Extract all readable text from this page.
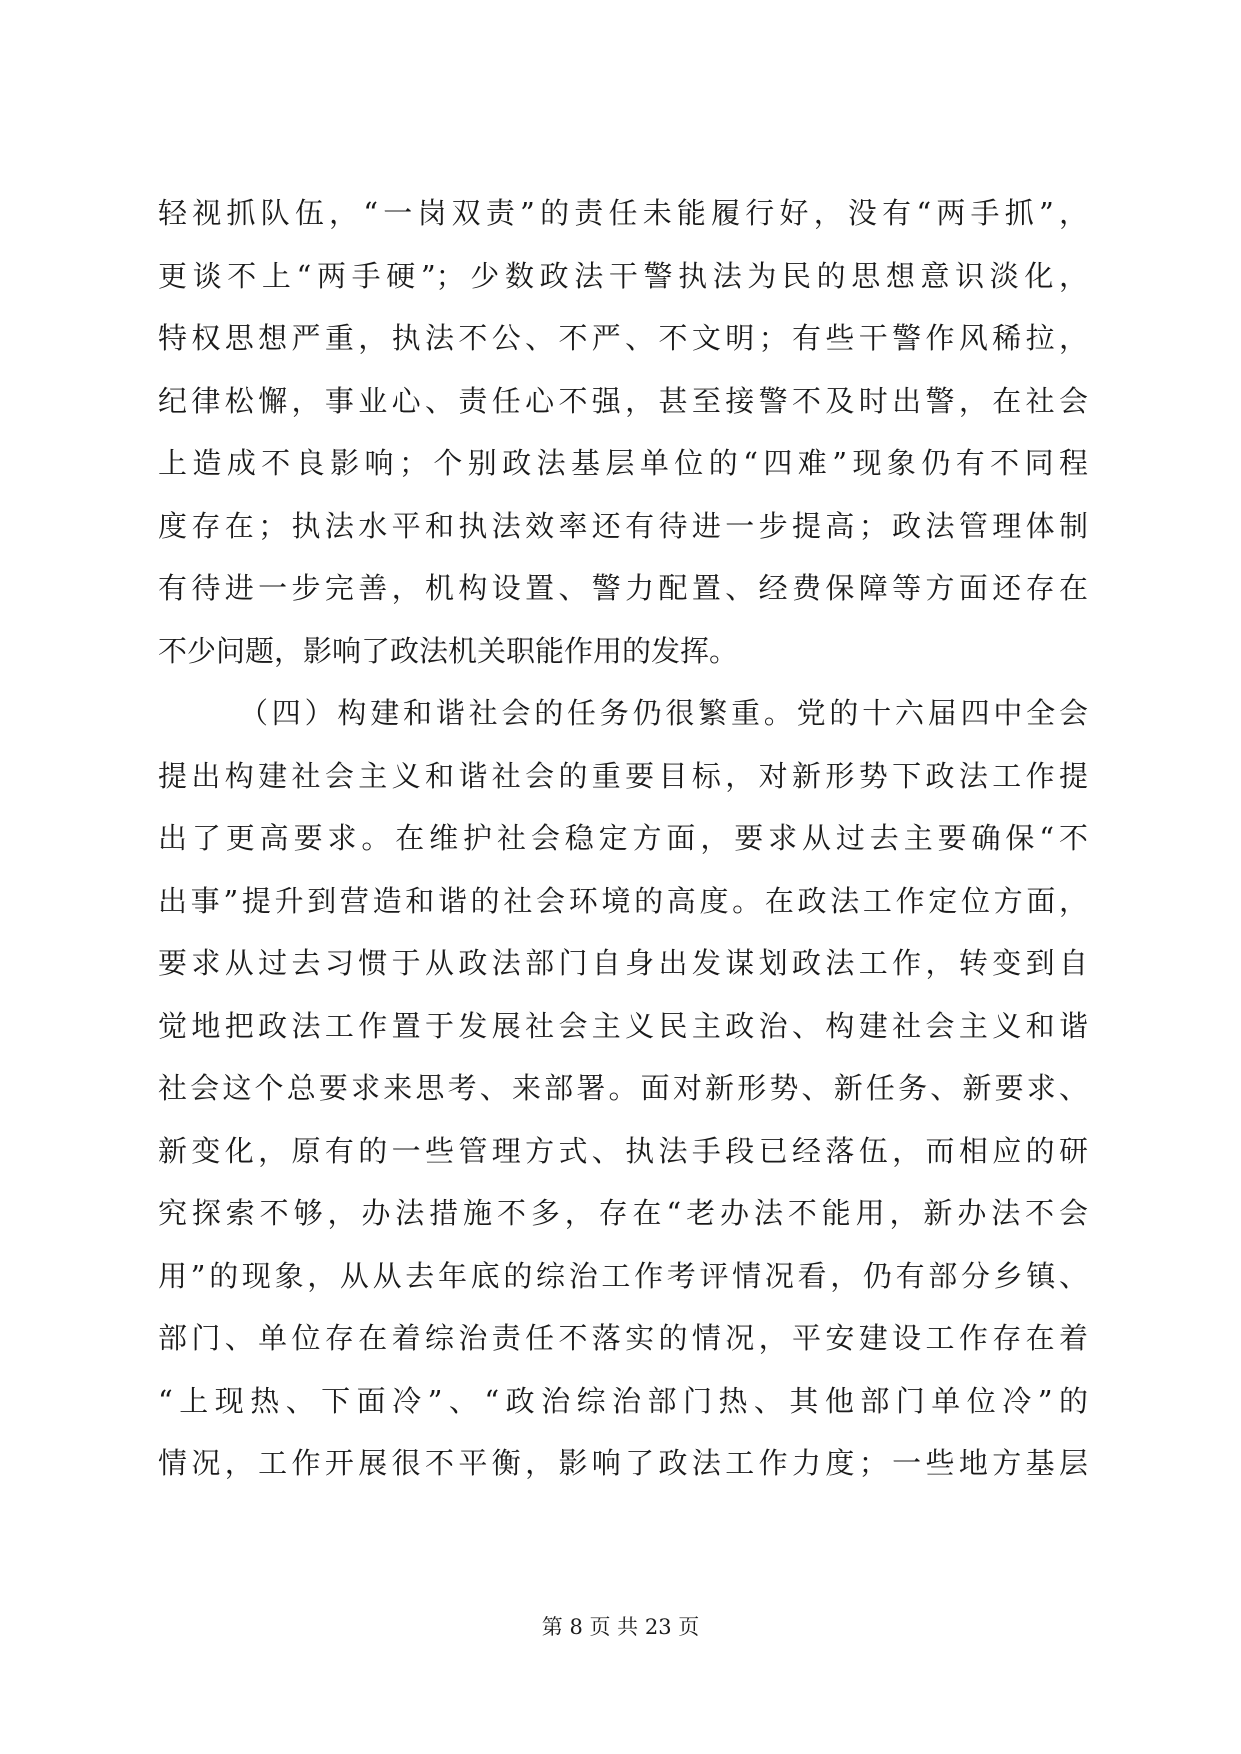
轻视抓队伍，“一岗双责”的责任未能履行好，没有“两手抓”，
更谈不上“两手硬”；少数政法干警执法为民的思想意识淡化，
特权思想严重，执法不公、不严、不文明；有些干警作风稀拉，
纪律松懈，事业心、责任心不强，甚至接警不及时出警，在社会
上造成不良影响；个别政法基层单位的“四难”现象仍有不同程
度存在；执法水平和执法效率还有待进一步提高；政法管理体制
有待进一步完善，机构设置、警力配置、经费保障等方面还存在
不少问题，影响了政法机关职能作用的发挥。
（四）构建和谐社会的任务仍很繁重。党的十六届四中全会
提出构建社会主义和谐社会的重要目标，对新形势下政法工作提
出了更高要求。在维护社会稳定方面，要求从过去主要确保“不
出事”提升到营造和谐的社会环境的高度。在政法工作定位方面，
要求从过去习惯于从政法部门自身出发谋划政法工作，转变到自
觉地把政法工作置于发展社会主义民主政治、构建社会主义和谐
社会这个总要求来思考、来部署。面对新形势、新任务、新要求、
新变化，原有的一些管理方式、执法手段已经落伍，而相应的研
究探索不够，办法措施不多，存在“老办法不能用，新办法不会
用”的现象，从从去年底的综治工作考评情况看，仍有部分乡镇、
部门、单位存在着综治责任不落实的情况，平安建设工作存在着
“上现热、下面冷”、“政治综治部门热、其他部门单位冷”的
情况，工作开展很不平衡，影响了政法工作力度；一些地方基层
第 8 页 共 23 页
